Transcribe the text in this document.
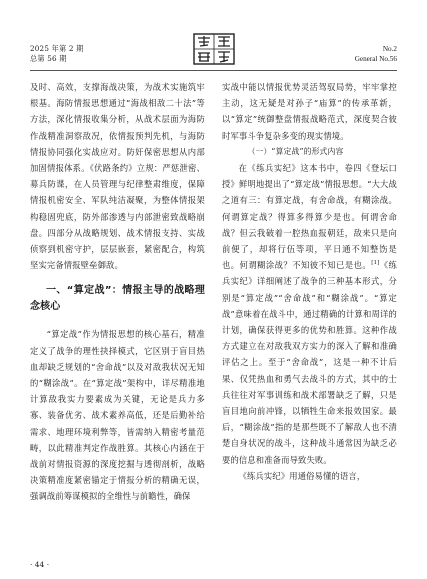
2025 年第 2 期
总第 56 期
No.2
General No.56

及时、高效，支撑海战决策，为战术实施筑牢根基。海防情报思想通过“海战相敌二十法”等方法，深化情报收集分析，从战术层面为海防作战精准洞察敌况，依情报预判先机，与海防情报协同强化实战应对。防奸保密思想从内部加固情报体系。《伏路条约》立规：严惩泄密、募兵防谍，在人员管理与纪律整肃维度，保障情报机密安全、军队纯洁凝聚，为整体情报架构稳固兜底，防外部渗透与内部泄密致战略崩盘。四部分从战略规划、战术情报支持、实战侦察到机密守护，层层嵌套，紧密配合，构筑坚实完备情报壁垒御敌。

一、“算定战”：情报主导的战略理念核心

“算定战”作为情报思想的核心基石，精准定义了战争的理性抉择模式，它区别于盲目热血却缺乏规划的“舍命战”以及对敌我状况无知的“糊涂战”。在“算定战”架构中，详尽精准地计算敌我实力要素成为关键，无论是兵力多寡、装备优劣、战术素养高低，还是后勤补给需求、地理环境利弊等，皆需纳入精密考量范畴，以此精准判定作战胜算。其核心内涵在于战前对情报资源的深度挖掘与透彻剖析，战略决策精准度紧密锚定于情报分析的精确无误，强调战前筹谋模拟的全维性与前瞻性，确保

实战中能以情报优势灵活驾驭局势，牢牢掌控主动，这无疑是对孙子“庙算”的传承革新，以“算定”统御整盘情报战略范式，深度契合彼时军事斗争复杂多变的现实情境。

（一）“算定战”的形式内容

在《练兵实纪》这本书中，卷四《登坛口授》鲜明地提出了“算定战”情报思想。“大大战之道有三：有算定战，有舍命战，有糊涂战。何谓算定战？得算多得算少是也。何谓舍命战？但云我破着一腔热血报朝廷，敌来只是向前便了，却将行伍等项，平日通不知整饬是也。何谓糊涂战？不知彼不知已是也。[1]《练兵实纪》详细阐述了战争的三种基本形式，分别是“算定战”“舍命战”和“糊涂战”。“算定战”意味着在战斗中，通过精确的计算和周详的计划，确保获得更多的优势和胜算。这种作战方式建立在对敌我双方实力的深入了解和准确评估之上。至于“舍命战”，这是一种不计后果、仅凭热血和勇气去战斗的方式，其中的士兵往往对军事训练和战术部署缺乏了解，只是盲目地向前冲锋，以牺牲生命来报效国家。最后，“糊涂战”指的是那些既不了解敌人也不清楚自身状况的战斗，这种战斗通常因为缺乏必要的信息和准备而导致失败。

《练兵实纪》用通俗易懂的语言，

· 44 ·
